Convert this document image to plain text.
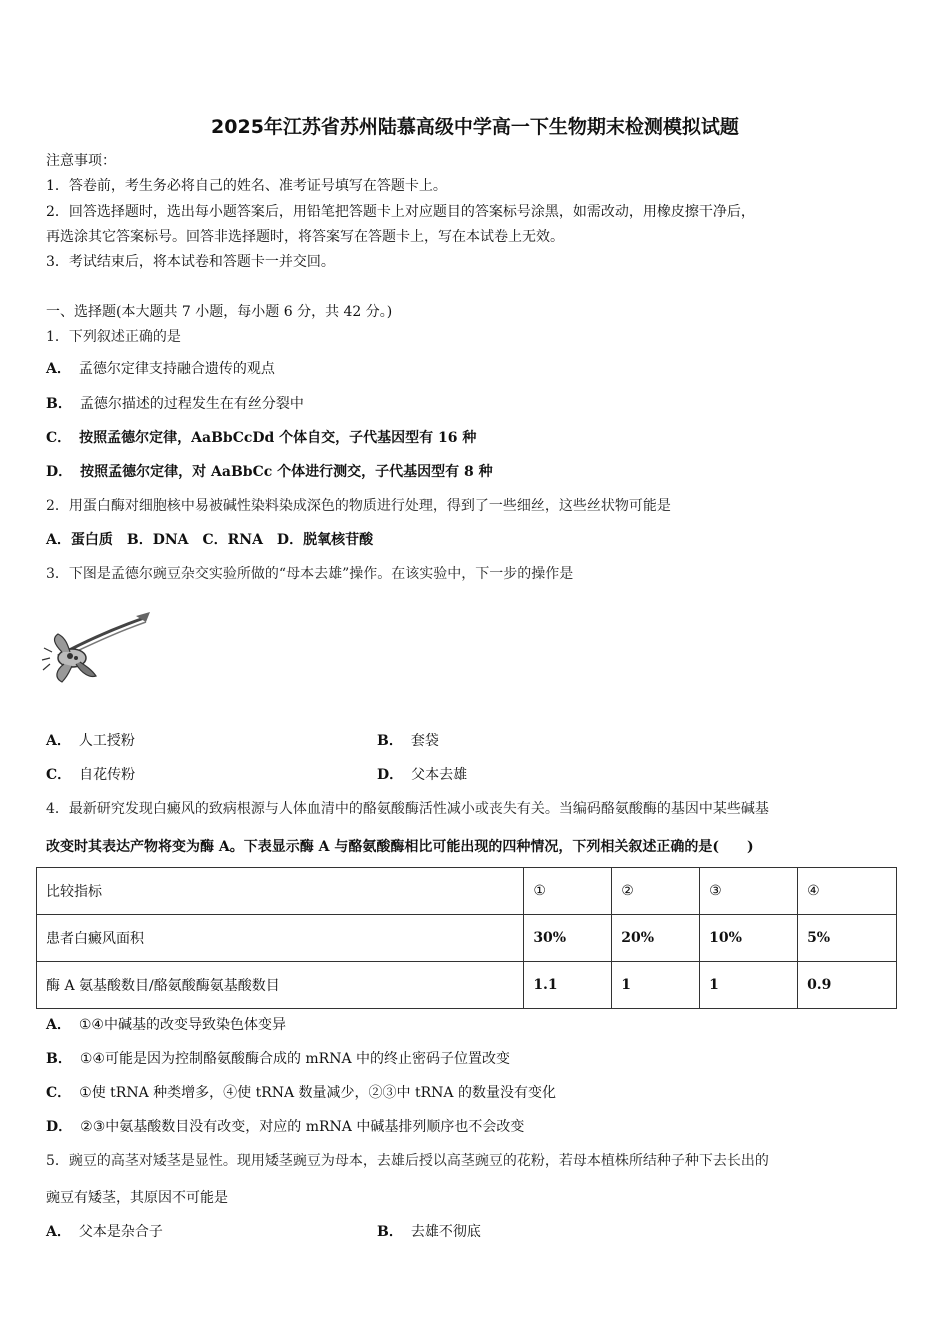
2025年江苏省苏州陆慕高级中学高一下生物期末检测模拟试题
注意事项：
1．答卷前，考生务必将自己的姓名、准考证号填写在答题卡上。
2．回答选择题时，选出每小题答案后，用铅笔把答题卡上对应题目的答案标号涂黑，如需改动，用橡皮擦干净后，
再选涂其它答案标号。回答非选择题时，将答案写在答题卡上，写在本试卷上无效。
3．考试结束后，将本试卷和答题卡一并交回。
一、选择题(本大题共 7 小题，每小题 6 分，共 42 分。)
1．下列叙述正确的是
A． 孟德尔定律支持融合遗传的观点
B． 孟德尔描述的过程发生在有丝分裂中
C． 按照孟德尔定律，AaBbCcDd 个体自交，子代基因型有 16 种
D． 按照孟德尔定律，对 AaBbCc 个体进行测交，子代基因型有 8 种
2．用蛋白酶对细胞核中易被碱性染料染成深色的物质进行处理，得到了一些细丝，这些丝状物可能是
A．蛋白质　B．DNA　C．RNA　D．脱氧核苷酸
3．下图是孟德尔豌豆杂交实验所做的“母本去雄”操作。在该实验中，下一步的操作是
A． 人工授粉	B． 套袋
C． 自花传粉	D． 父本去雄
4．最新研究发现白癜风的致病根源与人体血清中的酪氨酸酶活性减小或丧失有关。当编码酪氨酸酶的基因中某些碱基
改变时其表达产物将变为酶 A。下表显示酶 A 与酪氨酸酶相比可能出现的四种情况，下列相关叙述正确的是(　　)
比较指标	①	②	③	④
患者白癜风面积	30%	20%	10%	5%
酶 A 氨基酸数目/酪氨酸酶氨基酸数目	1.1	1	1	0.9
A． ①④中碱基的改变导致染色体变异
B． ①④可能是因为控制酪氨酸酶合成的 mRNA 中的终止密码子位置改变
C． ①使 tRNA 种类增多，④使 tRNA 数量减少，②③中 tRNA 的数量没有变化
D． ②③中氨基酸数目没有改变，对应的 mRNA 中碱基排列顺序也不会改变
5．豌豆的高茎对矮茎是显性。现用矮茎豌豆为母本，去雄后授以高茎豌豆的花粉，若母本植株所结种子种下去长出的
豌豆有矮茎，其原因不可能是
A． 父本是杂合子	B． 去雄不彻底
